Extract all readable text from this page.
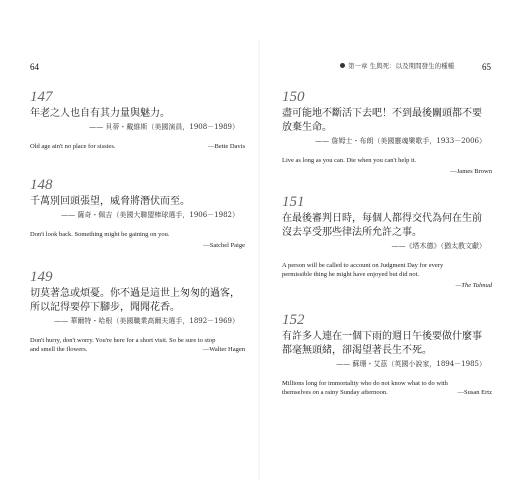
64	第一章 生與死：以及期間發生的種種	65
147
年老之人也自有其力量與魅力。
—— 貝蒂・戴維斯（美國演員，1908－1989）
Old age ain't no place for sissies.	—Bette Davis
148
千萬別回頭張望，威脅將潛伏而至。
—— 薩奇・佩吉（美國大聯盟棒球選手，1906－1982）
Don't look back. Something might be gaining on you.
—Satchel Paige
149
切莫著急或煩憂。你不過是這世上匆匆的過客，
所以記得要停下腳步，聞聞花香。
—— 華爾特・哈根（美國職業高爾夫選手，1892－1969）
Don't hurry, don't worry. You're here for a short visit. So be sure to stop
and smell the flowers.	—Walter Hagen
150
盡可能地不斷活下去吧！不到最後關頭都不要
放棄生命。
—— 詹姆士・布朗（美國靈魂樂歌手，1933－2006）
Live as long as you can. Die when you can't help it.
—James Brown
151
在最後審判日時，每個人都得交代為何在生前
沒去享受那些律法所允許之事。
——《塔木德》（猶太教文獻）
A person will be called to account on Judgment Day for every
permissible thing he might have enjoyed but did not.
—The Talmud
152
有許多人連在一個下雨的週日午後要做什麼事
都毫無頭緒，卻渴望著長生不死。
—— 蘇珊・艾茲（英國小說家，1894－1985）
Millions long for immortality who do not know what to do with
themselves on a rainy Sunday afternoon.	—Susan Ertz
